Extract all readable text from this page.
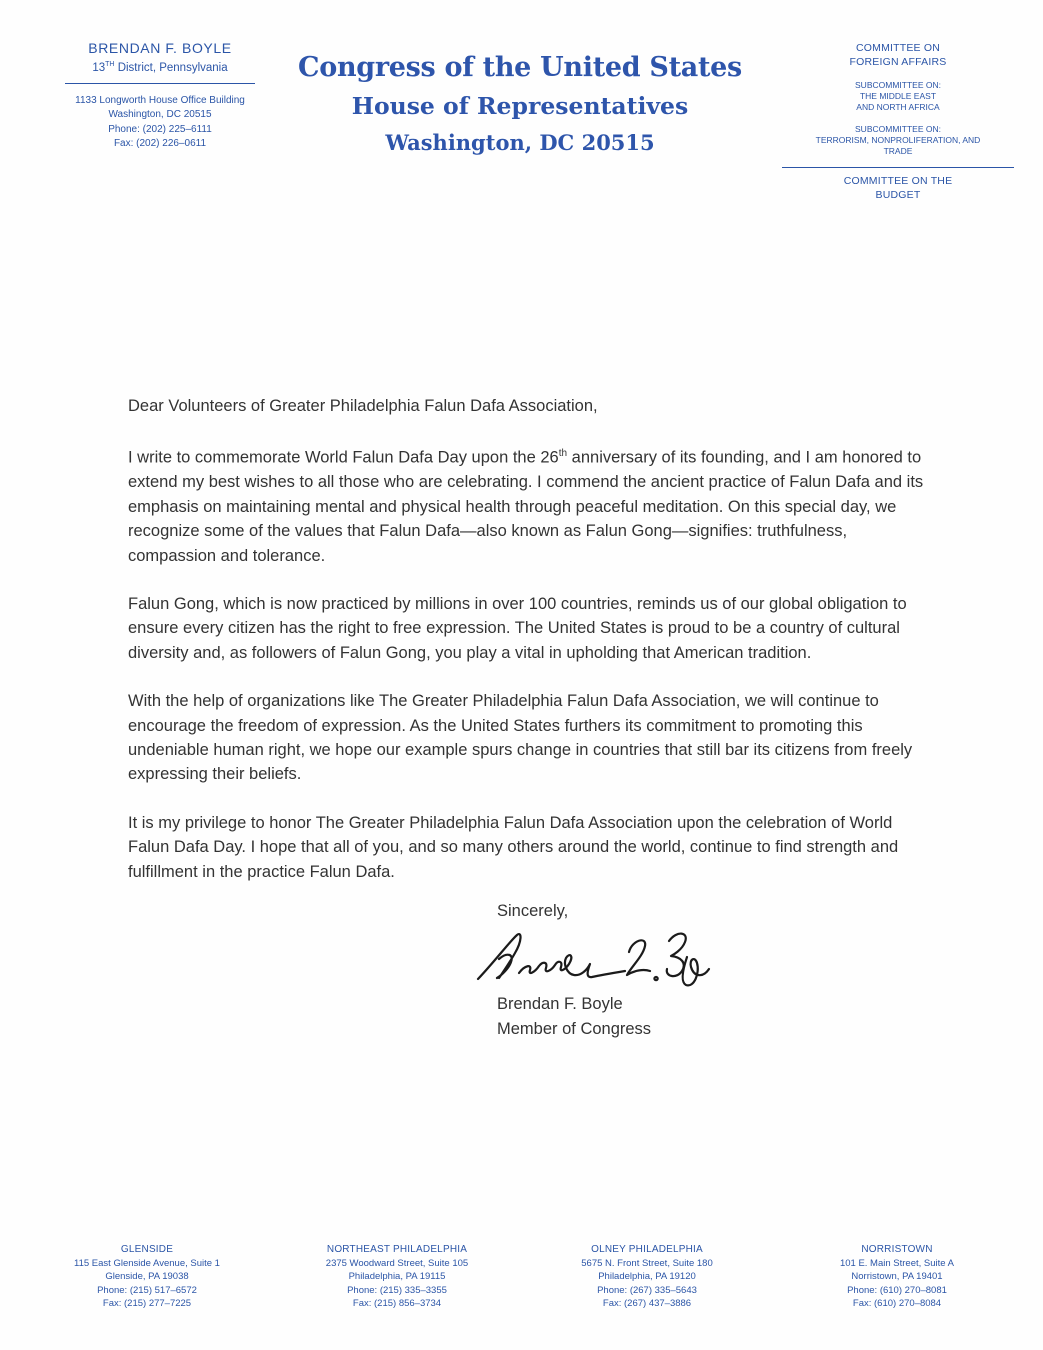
BRENDAN F. BOYLE
13TH District, Pennsylvania
1133 Longworth House Office Building
Washington, DC 20515
Phone: (202) 225–6111
Fax: (202) 226–0611
Congress of the United States
House of Representatives
Washington, DC 20515
COMMITTEE ON
FOREIGN AFFAIRS
SUBCOMMITTEE ON:
THE MIDDLE EAST
AND NORTH AFRICA
SUBCOMMITTEE ON:
TERRORISM, NONPROLIFERATION, AND
TRADE
COMMITTEE ON THE
BUDGET

Dear Volunteers of Greater Philadelphia Falun Dafa Association,

I write to commemorate World Falun Dafa Day upon the 26th anniversary of its founding, and I am honored to extend my best wishes to all those who are celebrating. I commend the ancient practice of Falun Dafa and its emphasis on maintaining mental and physical health through peaceful meditation. On this special day, we recognize some of the values that Falun Dafa—also known as Falun Gong—signifies: truthfulness, compassion and tolerance.

Falun Gong, which is now practiced by millions in over 100 countries, reminds us of our global obligation to ensure every citizen has the right to free expression. The United States is proud to be a country of cultural diversity and, as followers of Falun Gong, you play a vital in upholding that American tradition.

With the help of organizations like The Greater Philadelphia Falun Dafa Association, we will continue to encourage the freedom of expression. As the United States furthers its commitment to promoting this undeniable human right, we hope our example spurs change in countries that still bar its citizens from freely expressing their beliefs.

It is my privilege to honor The Greater Philadelphia Falun Dafa Association upon the celebration of World Falun Dafa Day. I hope that all of you, and so many others around the world, continue to find strength and fulfillment in the practice Falun Dafa.

Sincerely,
Brendan F. Boyle
Member of Congress
GLENSIDE
115 East Glenside Avenue, Suite 1
Glenside, PA 19038
Phone: (215) 517–6572
Fax: (215) 277–7225
NORTHEAST PHILADELPHIA
2375 Woodward Street, Suite 105
Philadelphia, PA 19115
Phone: (215) 335–3355
Fax: (215) 856–3734
OLNEY PHILADELPHIA
5675 N. Front Street, Suite 180
Philadelphia, PA 19120
Phone: (267) 335–5643
Fax: (267) 437–3886
NORRISTOWN
101 E. Main Street, Suite A
Norristown, PA 19401
Phone: (610) 270–8081
Fax: (610) 270–8084
